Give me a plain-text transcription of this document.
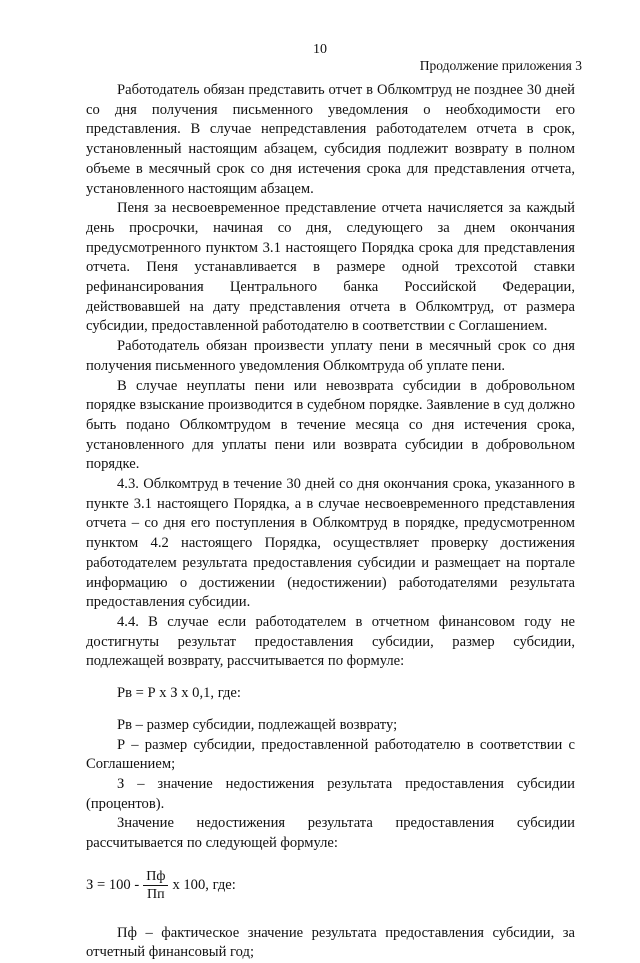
10
Продолжение приложения 3

Работодатель обязан представить отчет в Облкомтруд не позднее 30 дней со дня получения письменного уведомления о необходимости его представления. В случае непредставления работодателем отчета в срок, установленный настоящим абзацем, субсидия подлежит возврату в полном объеме в месячный срок со дня истечения срока для представления отчета, установленного настоящим абзацем.

Пеня за несвоевременное представление отчета начисляется за каждый день просрочки, начиная со дня, следующего за днем окончания предусмотренного пунктом 3.1 настоящего Порядка срока для представления отчета. Пеня устанавливается в размере одной трехсотой ставки рефинансирования Центрального банка Российской Федерации, действовавшей на дату представления отчета в Облкомтруд, от размера субсидии, предоставленной работодателю в соответствии с Соглашением.

Работодатель обязан произвести уплату пени в месячный срок со дня получения письменного уведомления Облкомтруда об уплате пени.

В случае неуплаты пени или невозврата субсидии в добровольном порядке взыскание производится в судебном порядке. Заявление в суд должно быть подано Облкомтрудом в течение месяца со дня истечения срока, установленного для уплаты пени или возврата субсидии в добровольном порядке.

4.3. Облкомтруд в течение 30 дней со дня окончания срока, указанного в пункте 3.1 настоящего Порядка, а в случае несвоевременного представления отчета – со дня его поступления в Облкомтруд в порядке, предусмотренном пунктом 4.2 настоящего Порядка, осуществляет проверку достижения работодателем результата предоставления субсидии и размещает на портале информацию о достижении (недостижении) работодателями результата предоставления субсидии.

4.4. В случае если работодателем в отчетном финансовом году не достигнуты результат предоставления субсидии, размер субсидии, подлежащей возврату, рассчитывается по формуле:

Рв = Р х З х 0,1, где:

Рв – размер субсидии, подлежащей возврату;

Р – размер субсидии, предоставленной работодателю в соответствии с Соглашением;

З – значение недостижения результата предоставления субсидии (процентов).

Значение недостижения результата предоставления субсидии рассчитывается по следующей формуле:

$З = 100 - \frac{Пф}{Пп}$ х 100, где:

Пф – фактическое значение результата предоставления субсидии, за отчетный финансовый год;
